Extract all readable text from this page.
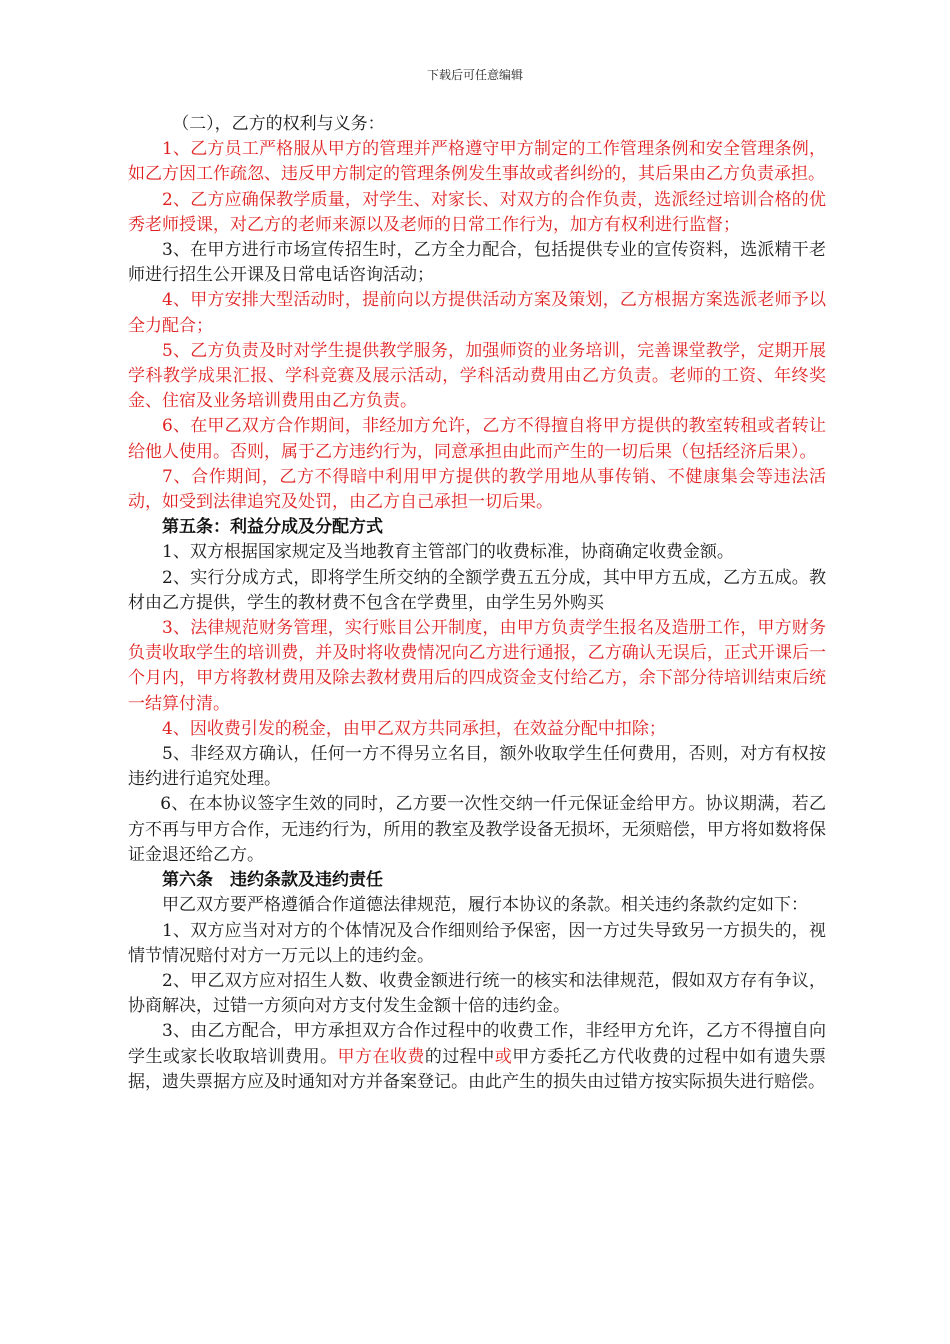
下载后可任意编辑

（二），乙方的权利与义务：

1、乙方员工严格服从甲方的管理并严格遵守甲方制定的工作管理条例和安全管理条例，如乙方因工作疏忽、违反甲方制定的管理条例发生事故或者纠纷的，其后果由乙方负责承担。

2、乙方应确保教学质量，对学生、对家长、对双方的合作负责，选派经过培训合格的优秀老师授课，对乙方的老师来源以及老师的日常工作行为，加方有权利进行监督；

3、在甲方进行市场宣传招生时，乙方全力配合，包括提供专业的宣传资料，选派精干老师进行招生公开课及日常电话咨询活动；

4、甲方安排大型活动时，提前向以方提供活动方案及策划，乙方根据方案选派老师予以全力配合；

5、乙方负责及时对学生提供教学服务，加强师资的业务培训，完善课堂教学，定期开展学科教学成果汇报、学科竞赛及展示活动，学科活动费用由乙方负责。老师的工资、年终奖金、住宿及业务培训费用由乙方负责。

6、在甲乙双方合作期间，非经加方允许，乙方不得擅自将甲方提供的教室转租或者转让给他人使用。否则，属于乙方违约行为，同意承担由此而产生的一切后果（包括经济后果）。

7、合作期间，乙方不得暗中利用甲方提供的教学用地从事传销、不健康集会等违法活动，如受到法律追究及处罚，由乙方自己承担一切后果。

第五条：利益分成及分配方式

1、双方根据国家规定及当地教育主管部门的收费标准，协商确定收费金额。

2、实行分成方式，即将学生所交纳的全额学费五五分成，其中甲方五成，乙方五成。教材由乙方提供，学生的教材费不包含在学费里，由学生另外购买

3、法律规范财务管理，实行账目公开制度，由甲方负责学生报名及造册工作，甲方财务负责收取学生的培训费，并及时将收费情况向乙方进行通报，乙方确认无误后，正式开课后一个月内，甲方将教材费用及除去教材费用后的四成资金支付给乙方，余下部分待培训结束后统一结算付清。

4、因收费引发的税金，由甲乙双方共同承担，在效益分配中扣除；

5、非经双方确认，任何一方不得另立名目，额外收取学生任何费用，否则，对方有权按违约进行追究处理。

6、在本协议签字生效的同时，乙方要一次性交纳一仟元保证金给甲方。协议期满，若乙方不再与甲方合作，无违约行为，所用的教室及教学设备无损坏，无须赔偿，甲方将如数将保证金退还给乙方。

第六条　违约条款及违约责任

甲乙双方要严格遵循合作道德法律规范，履行本协议的条款。相关违约条款约定如下：

1、双方应当对对方的个体情况及合作细则给予保密，因一方过失导致另一方损失的，视情节情况赔付对方一万元以上的违约金。

2、甲乙双方应对招生人数、收费金额进行统一的核实和法律规范，假如双方存有争议，协商解决，过错一方须向对方支付发生金额十倍的违约金。

3、由乙方配合，甲方承担双方合作过程中的收费工作，非经甲方允许，乙方不得擅自向学生或家长收取培训费用。甲方在收费的过程中或甲方委托乙方代收费的过程中如有遗失票据，遗失票据方应及时通知对方并备案登记。由此产生的损失由过错方按实际损失进行赔偿。
